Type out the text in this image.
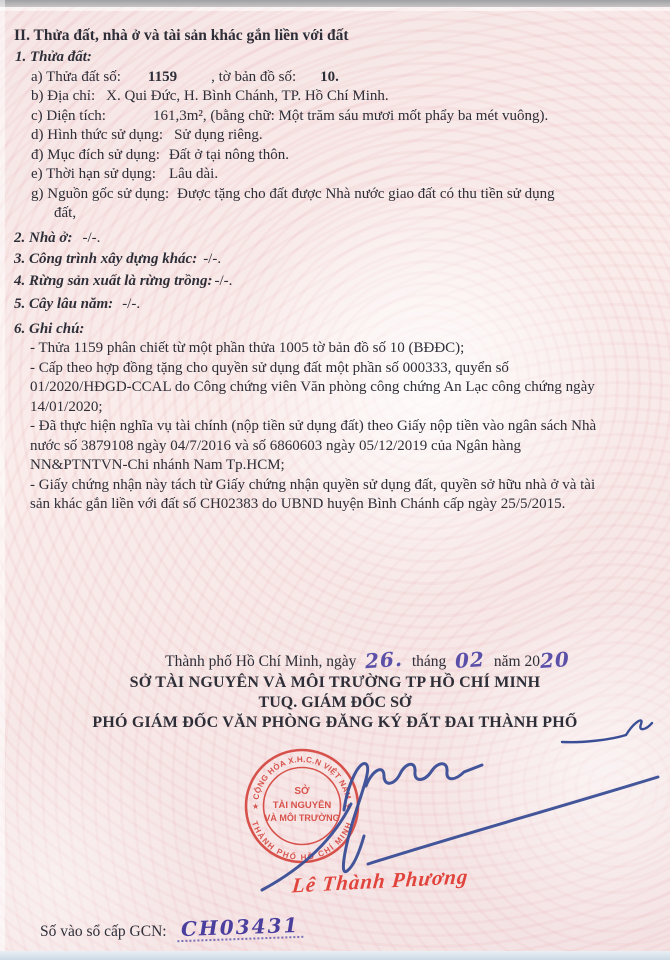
II. Thửa đất, nhà ở và tài sản khác gắn liền với đất
1. Thửa đất:
a) Thửa đất số: 1159 , tờ bản đồ số: 10.
b) Địa chỉ: X. Qui Đức, H. Bình Chánh, TP. Hồ Chí Minh.
c) Diện tích:	161,3m², (bằng chữ: Một trăm sáu mươi mốt phẩy ba mét vuông).
d) Hình thức sử dụng: Sử dụng riêng.
đ) Mục đích sử dụng: Đất ở tại nông thôn.
e) Thời hạn sử dụng: Lâu dài.
g) Nguồn gốc sử dụng: Được tặng cho đất được Nhà nước giao đất có thu tiền sử dụng
đất,
2. Nhà ở: -/-.
3. Công trình xây dựng khác: -/-.
4. Rừng sản xuất là rừng trồng: -/-.
5. Cây lâu năm: -/-.
6. Ghi chú:
- Thửa 1159 phân chiết từ một phần thửa 1005 tờ bản đồ số 10 (BĐĐC);
- Cấp theo hợp đồng tặng cho quyền sử dụng đất một phần số 000333, quyển số 01/2020/HĐGD-CCAL do Công chứng viên Văn phòng công chứng An Lạc công chứng ngày 14/01/2020;
- Đã thực hiện nghĩa vụ tài chính (nộp tiền sử dụng đất) theo Giấy nộp tiền vào ngân sách Nhà nước số 3879108 ngày 04/7/2016 và số 6860603 ngày 05/12/2019 của Ngân hàng NN&PTNTVN-Chi nhánh Nam Tp.HCM;
- Giấy chứng nhận này tách từ Giấy chứng nhận quyền sử dụng đất, quyền sở hữu nhà ở và tài sản khác gắn liền với đất số CH02383 do UBND huyện Bình Chánh cấp ngày 25/5/2015.
Thành phố Hồ Chí Minh, ngày 26. tháng 02 năm 2020
SỞ TÀI NGUYÊN VÀ MÔI TRƯỜNG TP HỒ CHÍ MINH
TUQ. GIÁM ĐỐC SỞ
PHÓ GIÁM ĐỐC VĂN PHÒNG ĐĂNG KÝ ĐẤT ĐAI THÀNH PHỐ
CỘNG HÒA X.H.C.N VIỆT NAM
THÀNH PHỐ HỒ CHÍ MINH
★	★
SỞ
TÀI NGUYÊN
VÀ MÔI TRƯỜNG
Lê Thành Phương
Số vào sổ cấp GCN: CH03431
